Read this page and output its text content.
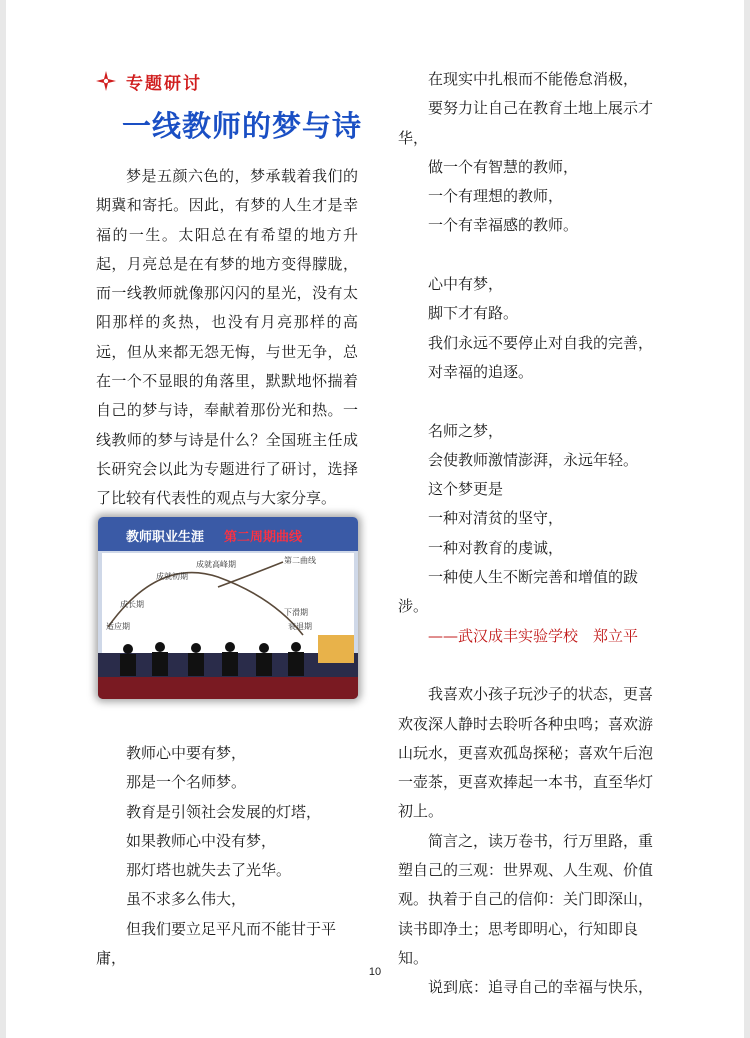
专题研讨
一线教师的梦与诗

梦是五颜六色的，梦承载着我们的期冀和寄托。因此，有梦的人生才是幸福的一生。太阳总在有希望的地方升起，月亮总是在有梦的地方变得朦胧，而一线教师就像那闪闪的星光，没有太阳那样的炙热，也没有月亮那样的高远，但从来都无怨无悔，与世无争，总在一个不显眼的角落里，默默地怀揣着自己的梦与诗，奉献着那份光和热。一线教师的梦与诗是什么？全国班主任成长研究会以此为专题进行了研讨，选择了比较有代表性的观点与大家分享。

教师职业生涯 第二周期曲线
成就高峰期
成就初期
第二曲线
成长期
下滑期
适应期	衰退期

教师心中要有梦，

那是一个名师梦。

教育是引领社会发展的灯塔，

如果教师心中没有梦，

那灯塔也就失去了光华。

虽不求多么伟大，

但我们要立足平凡而不能甘于平庸，

在现实中扎根而不能倦怠消极，

要努力让自己在教育土地上展示才华，

做一个有智慧的教师，

一个有理想的教师，

一个有幸福感的教师。

心中有梦，

脚下才有路。

我们永远不要停止对自我的完善，

对幸福的追逐。

名师之梦，

会使教师激情澎湃，永远年轻。

这个梦更是

一种对清贫的坚守，

一种对教育的虔诚，

一种使人生不断完善和增值的跋涉。

——武汉成丰实验学校　郑立平

我喜欢小孩子玩沙子的状态，更喜欢夜深人静时去聆听各种虫鸣；喜欢游山玩水，更喜欢孤岛探秘；喜欢午后泡一壶茶，更喜欢捧起一本书，直至华灯初上。

简言之，读万卷书，行万里路，重塑自己的三观：世界观、人生观、价值观。执着于自己的信仰：关门即深山，读书即净土；思考即明心，行知即良知。

说到底：追寻自己的幸福与快乐，

10
